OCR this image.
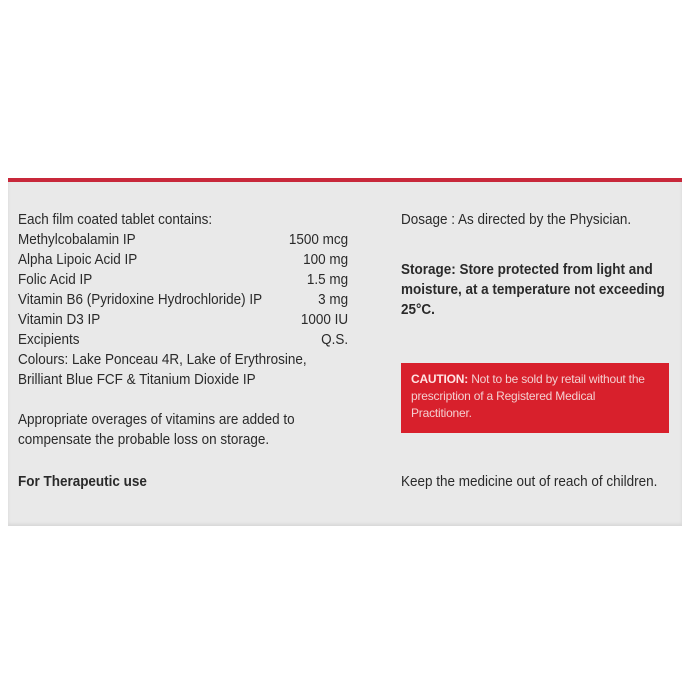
Each film coated tablet contains:
Methylcobalamin IP	1500 mcg
Alpha Lipoic Acid IP	100 mg
Folic Acid IP	1.5 mg
Vitamin B6 (Pyridoxine Hydrochloride) IP	3 mg
Vitamin D3 IP	1000 IU
Excipients	Q.S.
Colours: Lake Ponceau 4R, Lake of Erythrosine, Brilliant Blue FCF & Titanium Dioxide IP
Appropriate overages of vitamins are added to compensate the probable loss on storage.
For Therapeutic use
Dosage : As directed by the Physician.
Storage: Store protected from light and moisture, at a temperature not exceeding 25°C.
CAUTION: Not to be sold by retail without the prescription of a Registered Medical Practitioner.
Keep the medicine out of reach of children.
